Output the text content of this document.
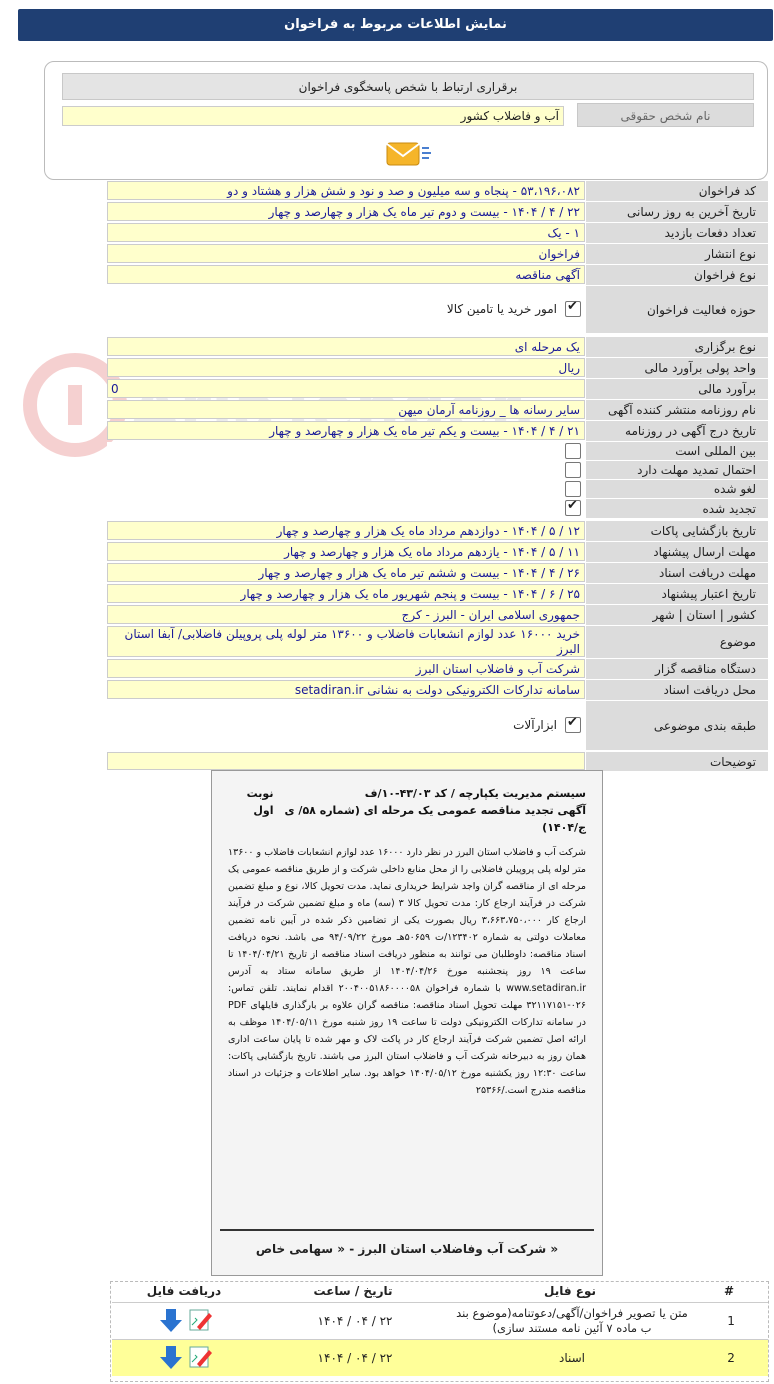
نمایش اطلاعات مربوط به فراخوان
برقراری ارتباط با شخص پاسخگوی فراخوان
نام شخص حقوقی
آب و فاضلاب کشور
کد فراخوان
۵۳،۱۹۶،۰۸۲ - پنجاه و سه میلیون و صد و نود و شش هزار و هشتاد و دو
تاریخ آخرین به روز رسانی
۲۲ / ۴ / ۱۴۰۴ - بیست و دوم تیر ماه یک هزار و چهارصد و چهار
تعداد دفعات بازدید
۱ - یک
نوع انتشار
فراخوان
نوع فراخوان
آگهی مناقصه
حوزه فعالیت فراخوان
✔
امور خرید یا تامین کالا
نوع برگزاری
یک مرحله ای
واحد پولی برآورد مالی
ریال
برآورد مالی
0
نام روزنامه منتشر کننده آگهی
سایر رسانه ها _ روزنامه آرمان میهن
تاریخ درج آگهی در روزنامه
۲۱ / ۴ / ۱۴۰۴ - بیست و یکم تیر ماه یک هزار و چهارصد و چهار
بین المللی است
احتمال تمدید مهلت دارد
لغو شده
تجدید شده
✔
تاریخ بازگشایی پاکات
۱۲ / ۵ / ۱۴۰۴ - دوازدهم مرداد ماه یک هزار و چهارصد و چهار
مهلت ارسال پیشنهاد
۱۱ / ۵ / ۱۴۰۴ - یازدهم مرداد ماه یک هزار و چهارصد و چهار
مهلت دریافت اسناد
۲۶ / ۴ / ۱۴۰۴ - بیست و ششم تیر ماه یک هزار و چهارصد و چهار
تاریخ اعتبار پیشنهاد
۲۵ / ۶ / ۱۴۰۴ - بیست و پنجم شهریور ماه یک هزار و چهارصد و چهار
کشور | استان | شهر
جمهوری اسلامی ایران - البرز - کرج
موضوع
خرید ۱۶۰۰۰ عدد لوازم انشعابات فاضلاب و ۱۳۶۰۰ متر لوله پلی پروپیلن فاضلابی/ آبفا استان البرز
دستگاه مناقصه گزار
شرکت آب و فاضلاب استان البرز
محل دریافت اسناد
سامانه تدارکات الکترونیکی دولت به نشانی setadiran.ir
طبقه بندی موضوعی
✔
ابزارآلات
توضیحات
سیستم مدیریت یکپارچه / کد ۴۳/۰۳-۱۰/ف
آگهی تجدید مناقصه عمومی یک مرحله ای (شماره ۵۸/ ی ج/۱۴۰۴)
نوبت اول
شرکت آب و فاضلاب استان البرز در نظر دارد ۱۶۰۰۰ عدد لوازم انشعابات فاضلاب و ۱۳۶۰۰ متر لوله پلی پروپیلن فاضلابی را از محل منابع داخلی شرکت و از طریق مناقصه عمومی یک مرحله ای از مناقصه گران واجد شرایط خریداری نماید. مدت تحویل کالا، نوع و مبلغ تضمین شرکت در فرآیند ارجاع کار: مدت تحویل کالا ۳ (سه) ماه و مبلغ تضمین شرکت در فرآیند ارجاع کار ۳،۶۶۳،۷۵۰،۰۰۰ ریال بصورت یکی از تضامین ذکر شده در آیین نامه تضمین معاملات دولتی به شماره ۱۲۳۴۰۲/ت ۵۰۶۵۹هـ مورخ ۹۴/۰۹/۲۲ می باشد. نحوه دریافت اسناد مناقصه: داوطلبان می توانند به منظور دریافت اسناد مناقصه از تاریخ ۱۴۰۴/۰۴/۲۱ تا ساعت ۱۹ روز پنجشنبه مورخ ۱۴۰۴/۰۴/۲۶ از طریق سامانه ستاد به آدرس www.setadiran.ir با شماره فراخوان ۲۰۰۴۰۰۵۱۸۶۰۰۰۰۵۸ اقدام نمایند. تلفن تماس: ۰۲۶-۳۲۱۱۷۱۵۱ مهلت تحویل اسناد مناقصه: مناقصه گران علاوه بر بارگذاری فایلهای PDF در سامانه تدارکات الکترونیکی دولت تا ساعت ۱۹ روز شنبه مورخ ۱۴۰۴/۰۵/۱۱ موظف به ارائه اصل تضمین شرکت فرآیند ارجاع کار در پاکت لاک و مهر شده تا پایان ساعت اداری همان روز به دبیرخانه شرکت آب و فاضلاب استان البرز می باشند. تاریخ بازگشایی پاکات: ساعت ۱۲:۳۰ روز یکشنبه مورخ ۱۴۰۴/۰۵/۱۲ خواهد بود. سایر اطلاعات و جزئیات در اسناد مناقصه مندرج است./۲۵۳۶۶
شرکت آب وفاضلاب استان البرز - « سهامی خاص »
#
نوع فایل
تاریخ / ساعت
دریافت فایل
1
متن یا تصویر فراخوان/آگهی/دعوتنامه(موضوع بند ب ماده ۷ آئین نامه مستند سازی)
۲۲ / ۰۴ / ۱۴۰۴
2
اسناد
۲۲ / ۰۴ / ۱۴۰۴
